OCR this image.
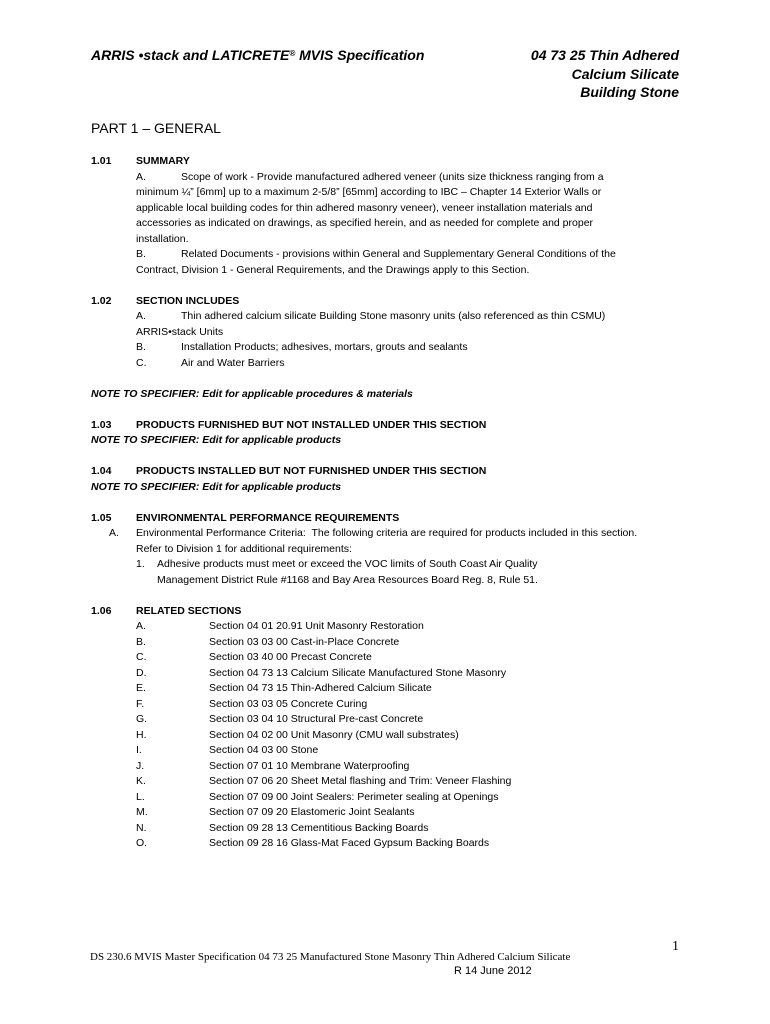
ARRIS •stack and LATICRETE® MVIS Specification	04 73 25 Thin Adhered
Calcium Silicate
Building Stone
PART 1 – GENERAL
1.01 SUMMARY
A.	Scope of work - Provide manufactured adhered veneer (units size thickness ranging from a
minimum ¼” [6mm] up to a maximum 2-5/8” [65mm] according to IBC – Chapter 14 Exterior Walls or
applicable local building codes for thin adhered masonry veneer), veneer installation materials and
accessories as indicated on drawings, as specified herein, and as needed for complete and proper
installation.
B.	Related Documents - provisions within General and Supplementary General Conditions of the
Contract, Division 1 - General Requirements, and the Drawings apply to this Section.
1.02 SECTION INCLUDES
A.	Thin adhered calcium silicate Building Stone masonry units (also referenced as thin CSMU)
ARRIS•stack Units
B.	Installation Products; adhesives, mortars, grouts and sealants
C.	Air and Water Barriers
NOTE TO SPECIFIER: Edit for applicable procedures & materials
1.03 PRODUCTS FURNISHED BUT NOT INSTALLED UNDER THIS SECTION
NOTE TO SPECIFIER: Edit for applicable products
1.04 PRODUCTS INSTALLED BUT NOT FURNISHED UNDER THIS SECTION
NOTE TO SPECIFIER: Edit for applicable products
1.05 ENVIRONMENTAL PERFORMANCE REQUIREMENTS
A. Environmental Performance Criteria:  The following criteria are required for products included in this section.
Refer to Division 1 for additional requirements:
1. Adhesive products must meet or exceed the VOC limits of South Coast Air Quality
Management District Rule #1168 and Bay Area Resources Board Reg. 8, Rule 51.
1.06 RELATED SECTIONS
A.	Section 04 01 20.91 Unit Masonry Restoration
B.	Section 03 03 00 Cast-in-Place Concrete
C.	Section 03 40 00 Precast Concrete
D.	Section 04 73 13 Calcium Silicate Manufactured Stone Masonry
E.	Section 04 73 15 Thin-Adhered Calcium Silicate
F.	Section 03 03 05 Concrete Curing
G.	Section 03 04 10 Structural Pre-cast Concrete
H.	Section 04 02 00 Unit Masonry (CMU wall substrates)
I.	Section 04 03 00 Stone
J.	Section 07 01 10 Membrane Waterproofing
K.	Section 07 06 20 Sheet Metal flashing and Trim: Veneer Flashing
L.	Section 07 09 00 Joint Sealers: Perimeter sealing at Openings
M.	Section 07 09 20 Elastomeric Joint Sealants
N.	Section 09 28 13 Cementitious Backing Boards
O.	Section 09 28 16 Glass-Mat Faced Gypsum Backing Boards
1
DS 230.6 MVIS Master Specification 04 73 25 Manufactured Stone Masonry Thin Adhered Calcium Silicate
R 14 June 2012
